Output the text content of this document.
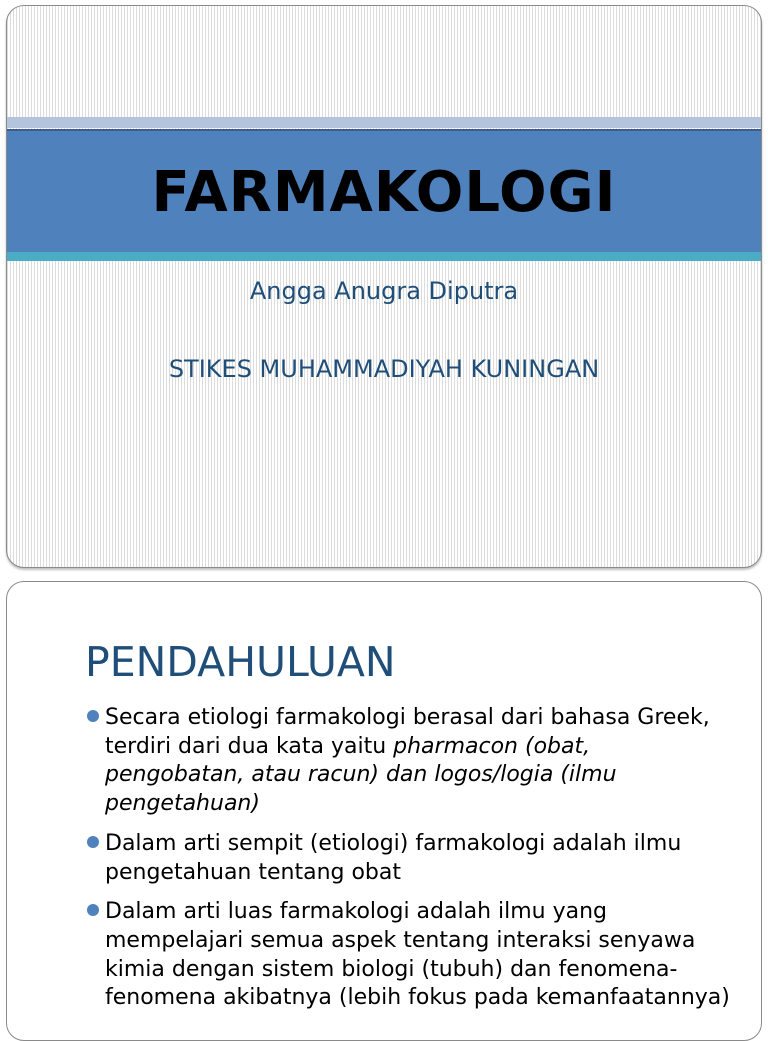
FARMAKOLOGI
Angga Anugra Diputra
STIKES MUHAMMADIYAH KUNINGAN
PENDAHULUAN
Secara etiologi farmakologi berasal dari bahasa Greek, terdiri dari dua kata yaitu pharmacon (obat, pengobatan, atau racun) dan logos/logia (ilmu pengetahuan)
Dalam arti sempit (etiologi) farmakologi adalah ilmu pengetahuan tentang obat
Dalam arti luas farmakologi adalah ilmu yang mempelajari semua aspek tentang interaksi senyawa kimia dengan sistem biologi (tubuh) dan fenomena-fenomena akibatnya (lebih fokus pada kemanfaatannya)
